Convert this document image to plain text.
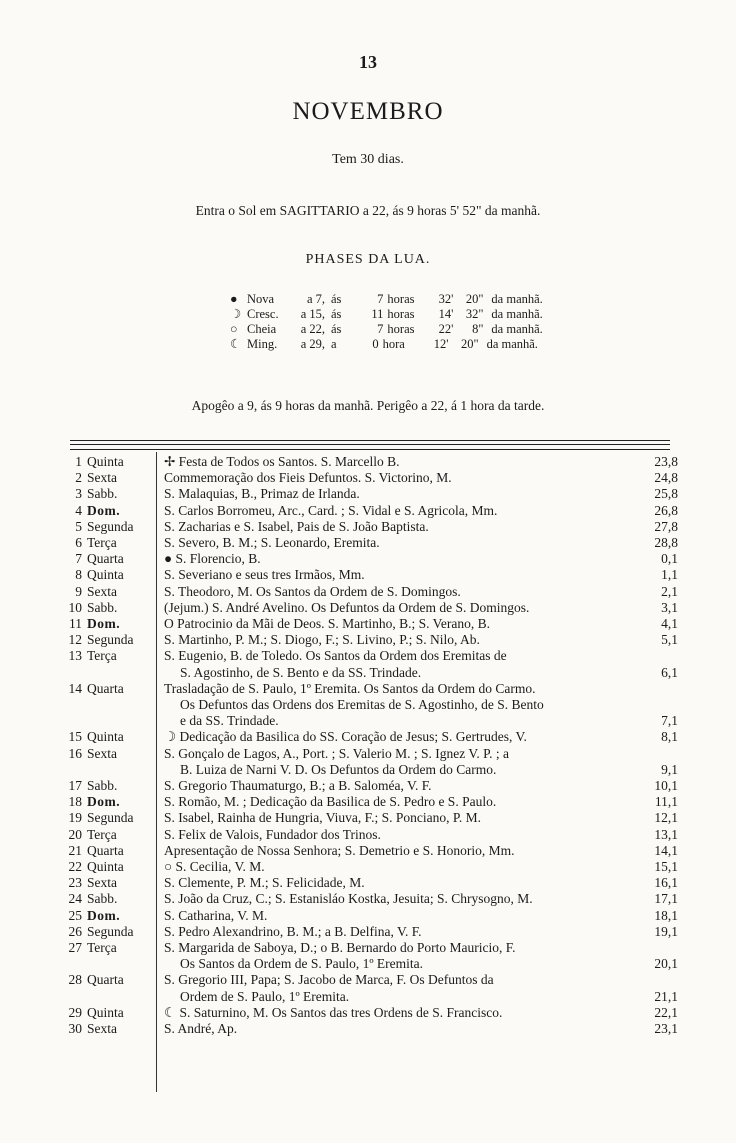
13
NOVEMBRO
Tem 30 dias.
Entra o Sol em SAGITTARIO a 22, ás 9 horas 5' 52" da manhã.
PHASES DA LUA.
● Nova	a 7, ás	7 horas	32' 20" da manhã.
☽ Cresc.	a 15, ás	11 horas	14' 32" da manhã.
○ Cheia	a 22, ás	7 horas	22'	8" da manhã.
☾ Ming.	a 29, a	0 hora	12' 20" da manhã.
Apogêo a 9, ás 9 horas da manhã. Perigêo a 22, á 1 hora da tarde.
1 Quinta	✢ Festa de Todos os Santos. S. Marcello B.	23,8
2 Sexta	Commemoração dos Fieis Defuntos. S. Victorino, M.	24,8
3 Sabb.	S. Malaquias, B., Primaz de Irlanda.	25,8
4 Dom.	S. Carlos Borromeu, Arc., Card. ; S. Vidal e S. Agricola, Mm.	26,8
5 Segunda	S. Zacharias e S. Isabel, Pais de S. João Baptista.	27,8
6 Terça	S. Severo, B. M.; S. Leonardo, Eremita.	28,8
7 Quarta	● S. Florencio, B.	0,1
8 Quinta	S. Severiano e seus tres Irmãos, Mm.	1,1
9 Sexta	S. Theodoro, M. Os Santos da Ordem de S. Domingos.	2,1
10 Sabb.	(Jejum.) S. André Avelino. Os Defuntos da Ordem de S. Domingos.	3,1
11 Dom.	O Patrocinio da Mãi de Deos. S. Martinho, B.; S. Verano, B.	4,1
12 Segunda	S. Martinho, P. M.; S. Diogo, F.; S. Livino, P.; S. Nilo, Ab.	5,1
13 Terça	S. Eugenio, B. de Toledo. Os Santos da Ordem dos Eremitas de
S. Agostinho, de S. Bento e da SS. Trindade.	6,1
14 Quarta	Trasladação de S. Paulo, 1º Eremita. Os Santos da Ordem do Carmo.
Os Defuntos das Ordens dos Eremitas de S. Agostinho, de S. Bento
e da SS. Trindade.	7,1
15 Quinta	☽ Dedicação da Basilica do SS. Coração de Jesus; S. Gertrudes, V.	8,1
16 Sexta	S. Gonçalo de Lagos, A., Port. ; S. Valerio M. ; S. Ignez V. P. ; a
B. Luiza de Narni V. D. Os Defuntos da Ordem do Carmo.	9,1
17 Sabb.	S. Gregorio Thaumaturgo, B.; a B. Saloméa, V. F.	10,1
18 Dom.	S. Romão, M. ; Dedicação da Basilica de S. Pedro e S. Paulo.	11,1
19 Segunda	S. Isabel, Rainha de Hungria, Viuva, F.; S. Ponciano, P. M.	12,1
20 Terça	S. Felix de Valois, Fundador dos Trinos.	13,1
21 Quarta	Apresentação de Nossa Senhora; S. Demetrio e S. Honorio, Mm.	14,1
22 Quinta	○ S. Cecilia, V. M.	15,1
23 Sexta	S. Clemente, P. M.; S. Felicidade, M.	16,1
24 Sabb.	S. João da Cruz, C.; S. Estanisláo Kostka, Jesuita; S. Chrysogno, M.	17,1
25 Dom.	S. Catharina, V. M.	18,1
26 Segunda	S. Pedro Alexandrino, B. M.; a B. Delfina, V. F.	19,1
27 Terça	S. Margarida de Saboya, D.; o B. Bernardo do Porto Mauricio, F.
Os Santos da Ordem de S. Paulo, 1º Eremita.	20,1
28 Quarta	S. Gregorio III, Papa; S. Jacobo de Marca, F. Os Defuntos da
Ordem de S. Paulo, 1º Eremita.	21,1
29 Quinta	☾ S. Saturnino, M. Os Santos das tres Ordens de S. Francisco.	22,1
30 Sexta	S. André, Ap.	23,1
